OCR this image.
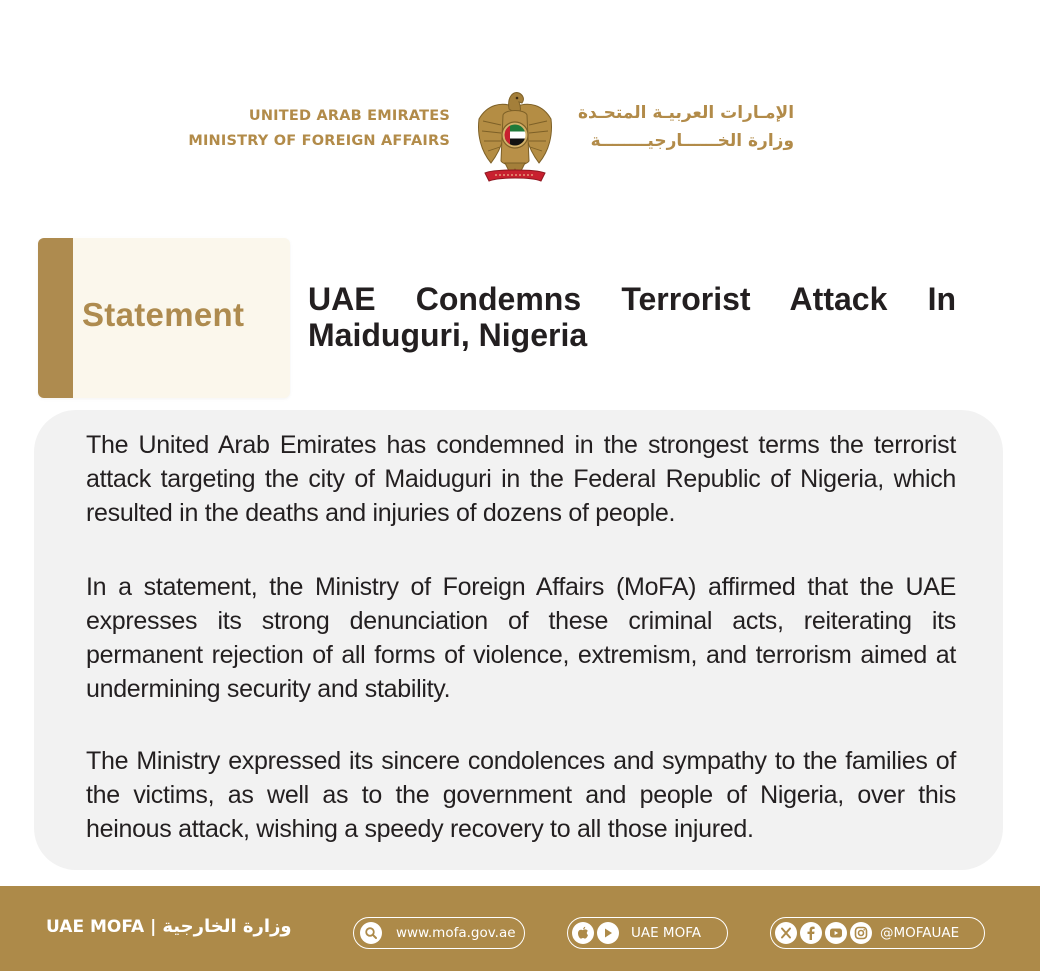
UNITED ARAB EMIRATES
MINISTRY OF FOREIGN AFFAIRS
الإمـارات العربيـة المتحـدة
وزارة الخــــــارجيــــــــة
Statement UAE Condemns Terrorist Attack In Maiduguri, Nigeria

The United Arab Emirates has condemned in the strongest terms the terrorist attack targeting the city of Maiduguri in the Federal Republic of Nigeria, which resulted in the deaths and injuries of dozens of people.

In a statement, the Ministry of Foreign Affairs (MoFA) affirmed that the UAE expresses its strong denunciation of these criminal acts, reiterating its permanent rejection of all forms of violence, extremism, and terrorism aimed at undermining security and stability.

The Ministry expressed its sincere condolences and sympathy to the families of the victims, as well as to the government and people of Nigeria, over this heinous attack, wishing a speedy recovery to all those injured.

UAE MOFA | وزارة الخارجية	www.mofa.gov.ae	UAE MOFA	@MOFAUAE
